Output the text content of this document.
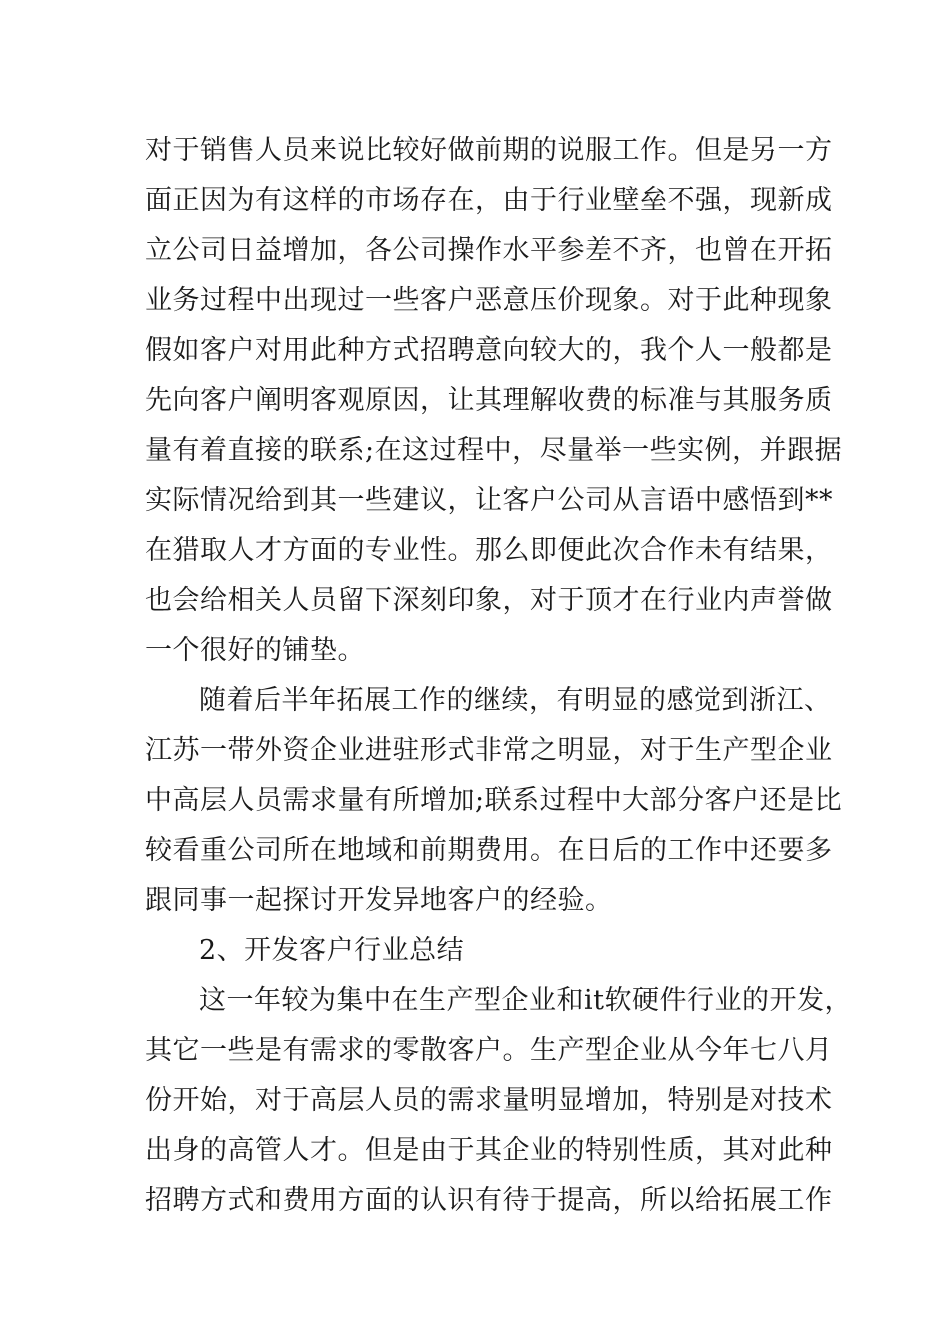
对于销售人员来说比较好做前期的说服工作。但是另一方
面正因为有这样的市场存在，由于行业壁垒不强，现新成
立公司日益增加，各公司操作水平参差不齐，也曾在开拓
业务过程中出现过一些客户恶意压价现象。对于此种现象
假如客户对用此种方式招聘意向较大的，我个人一般都是
先向客户阐明客观原因，让其理解收费的标准与其服务质
量有着直接的联系;在这过程中，尽量举一些实例，并跟据
实际情况给到其一些建议，让客户公司从言语中感悟到**
在猎取人才方面的专业性。那么即便此次合作未有结果，
也会给相关人员留下深刻印象，对于顶才在行业内声誉做
一个很好的铺垫。
随着后半年拓展工作的继续，有明显的感觉到浙江、
江苏一带外资企业进驻形式非常之明显，对于生产型企业
中高层人员需求量有所增加;联系过程中大部分客户还是比
较看重公司所在地域和前期费用。在日后的工作中还要多
跟同事一起探讨开发异地客户的经验。
2、开发客户行业总结
这一年较为集中在生产型企业和it软硬件行业的开发，
其它一些是有需求的零散客户。生产型企业从今年七八月
份开始，对于高层人员的需求量明显增加，特别是对技术
出身的高管人才。但是由于其企业的特别性质，其对此种
招聘方式和费用方面的认识有待于提高，所以给拓展工作
